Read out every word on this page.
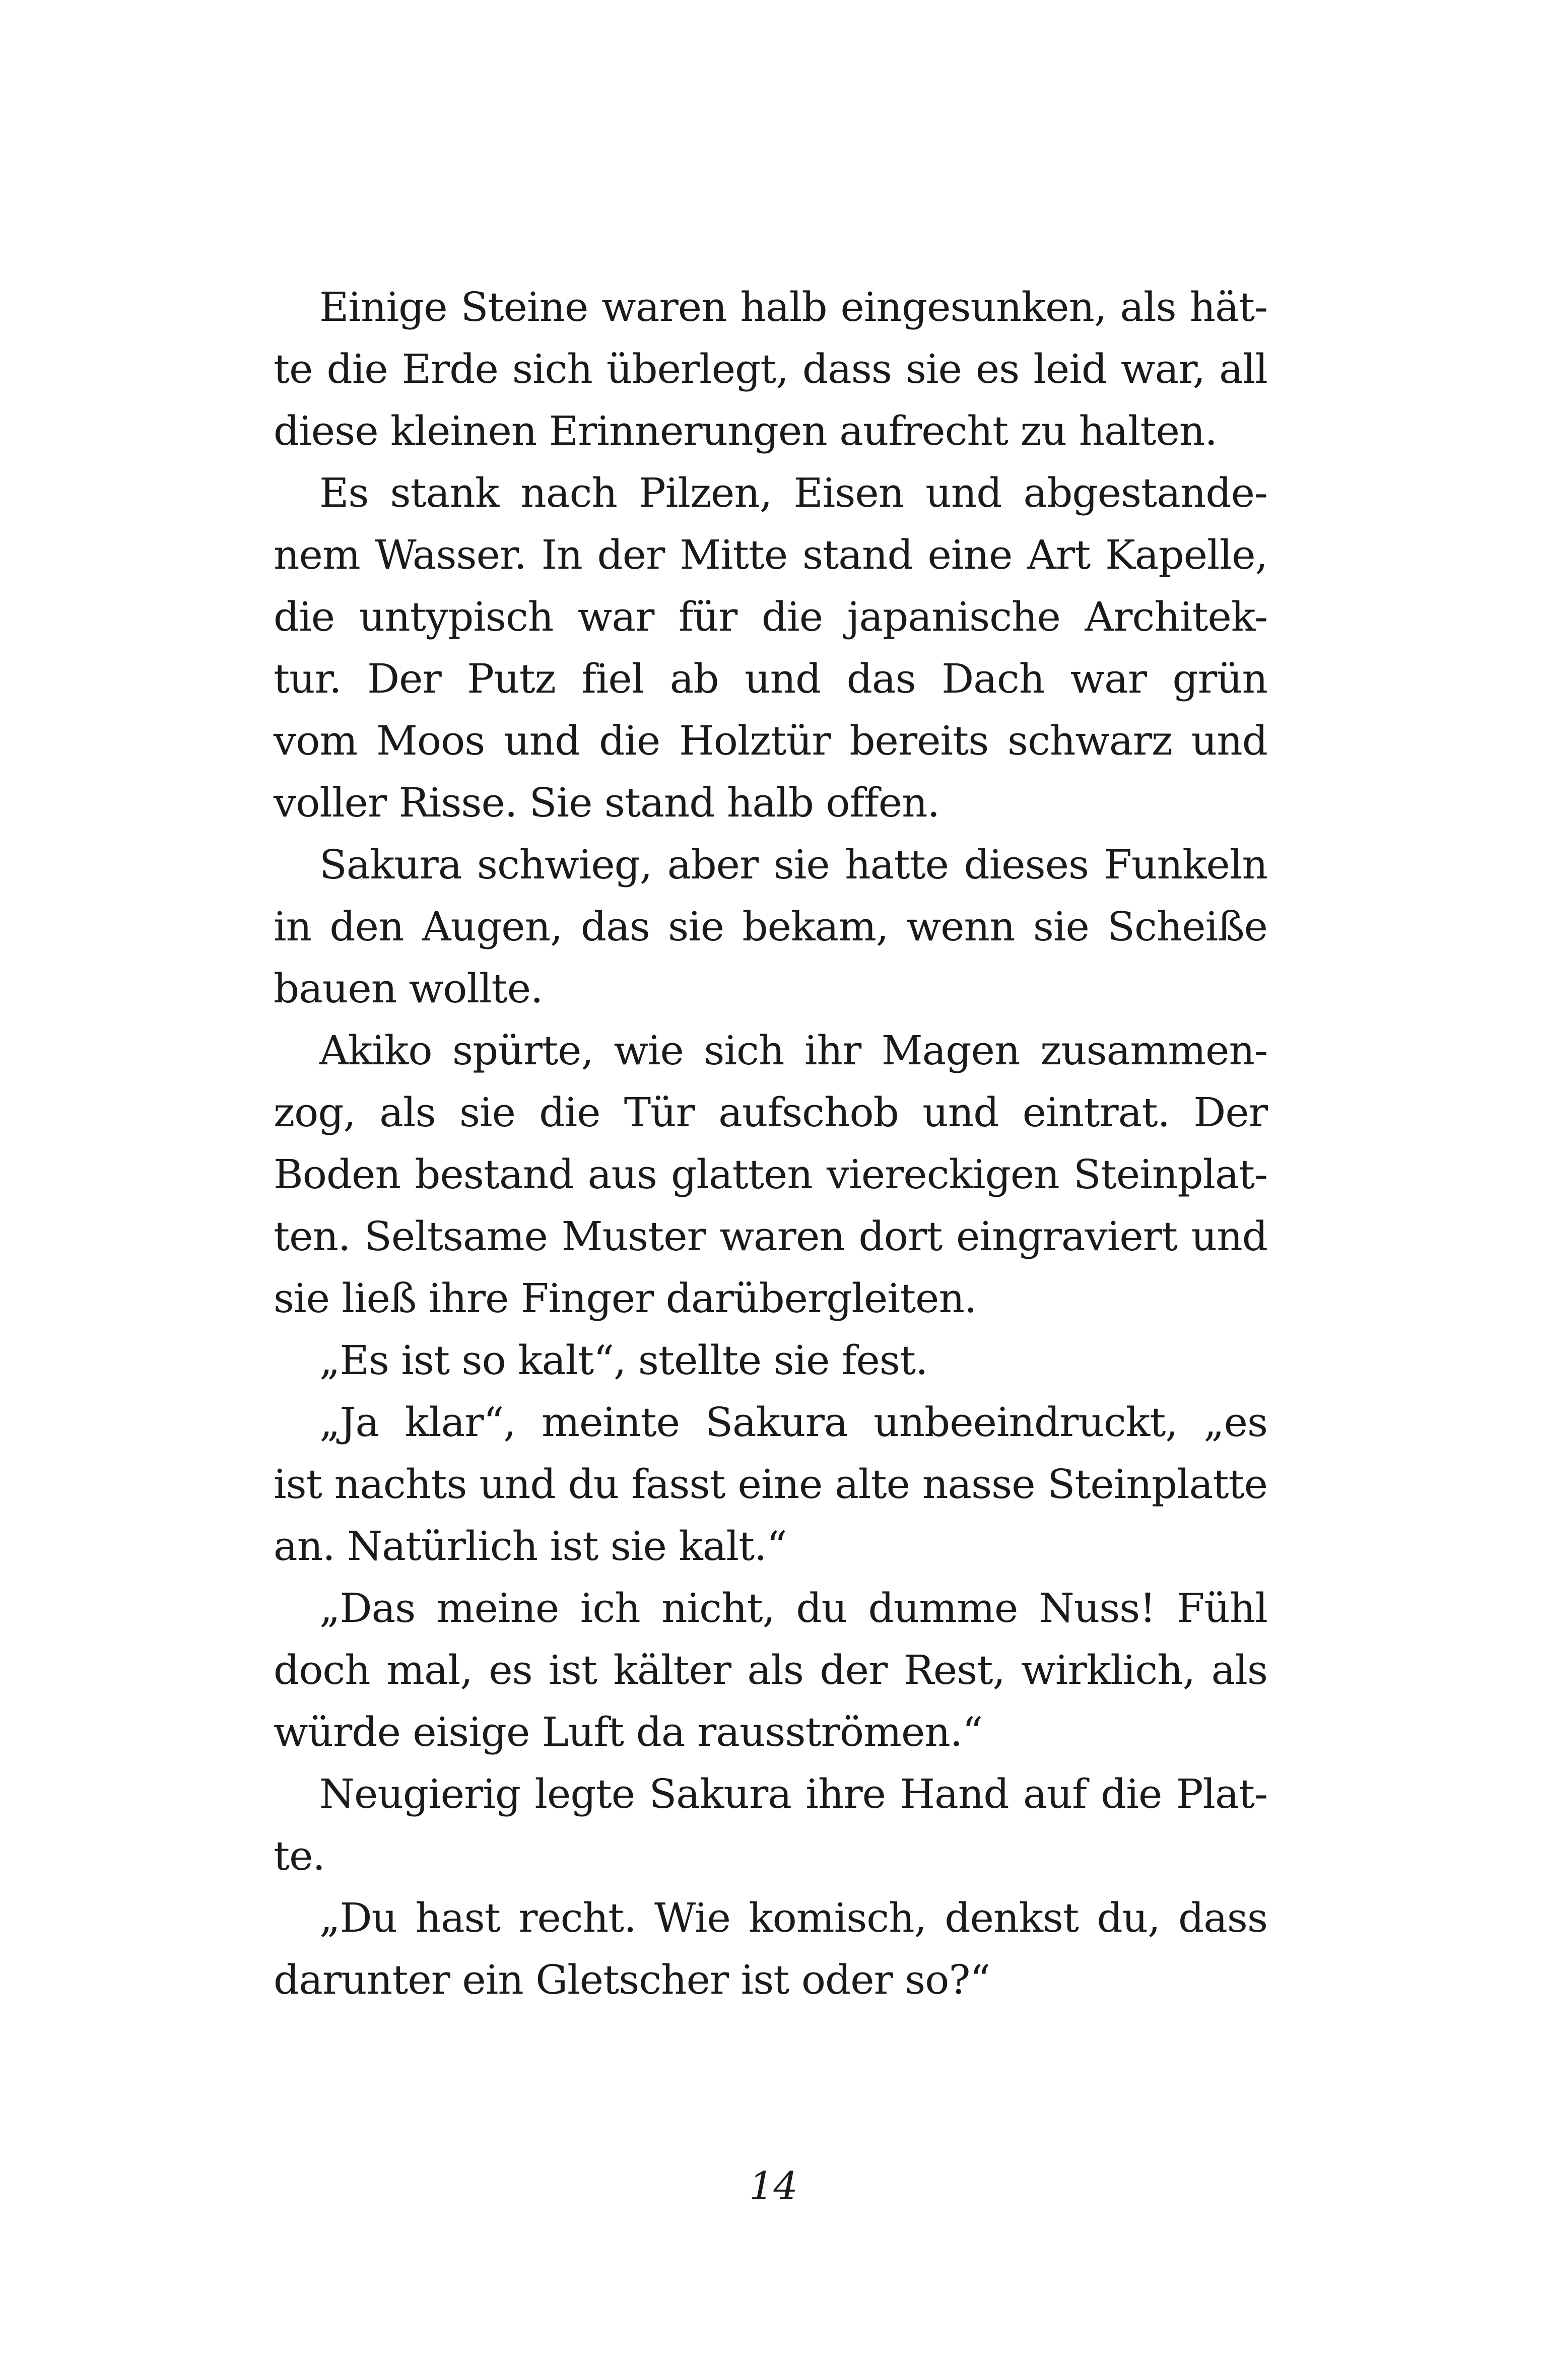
Einige Steine waren halb eingesunken, als hät-
te die Erde sich überlegt, dass sie es leid war, all
diese kleinen Erinnerungen aufrecht zu halten.
Es stank nach Pilzen, Eisen und abgestande-
nem Wasser. In der Mitte stand eine Art Kapelle,
die untypisch war für die japanische Architek-
tur. Der Putz fiel ab und das Dach war grün
vom Moos und die Holztür bereits schwarz und
voller Risse. Sie stand halb offen.
Sakura schwieg, aber sie hatte dieses Funkeln
in den Augen, das sie bekam, wenn sie Scheiße
bauen wollte.
Akiko spürte, wie sich ihr Magen zusammen-
zog, als sie die Tür aufschob und eintrat. Der
Boden bestand aus glatten viereckigen Steinplat-
ten. Seltsame Muster waren dort eingraviert und
sie ließ ihre Finger darübergleiten.
„Es ist so kalt“, stellte sie fest.
„Ja klar“, meinte Sakura unbeeindruckt, „es
ist nachts und du fasst eine alte nasse Steinplatte
an. Natürlich ist sie kalt.“
„Das meine ich nicht, du dumme Nuss! Fühl
doch mal, es ist kälter als der Rest, wirklich, als
würde eisige Luft da rausströmen.“
Neugierig legte Sakura ihre Hand auf die Plat-
te.
„Du hast recht. Wie komisch, denkst du, dass
darunter ein Gletscher ist oder so?“
14
